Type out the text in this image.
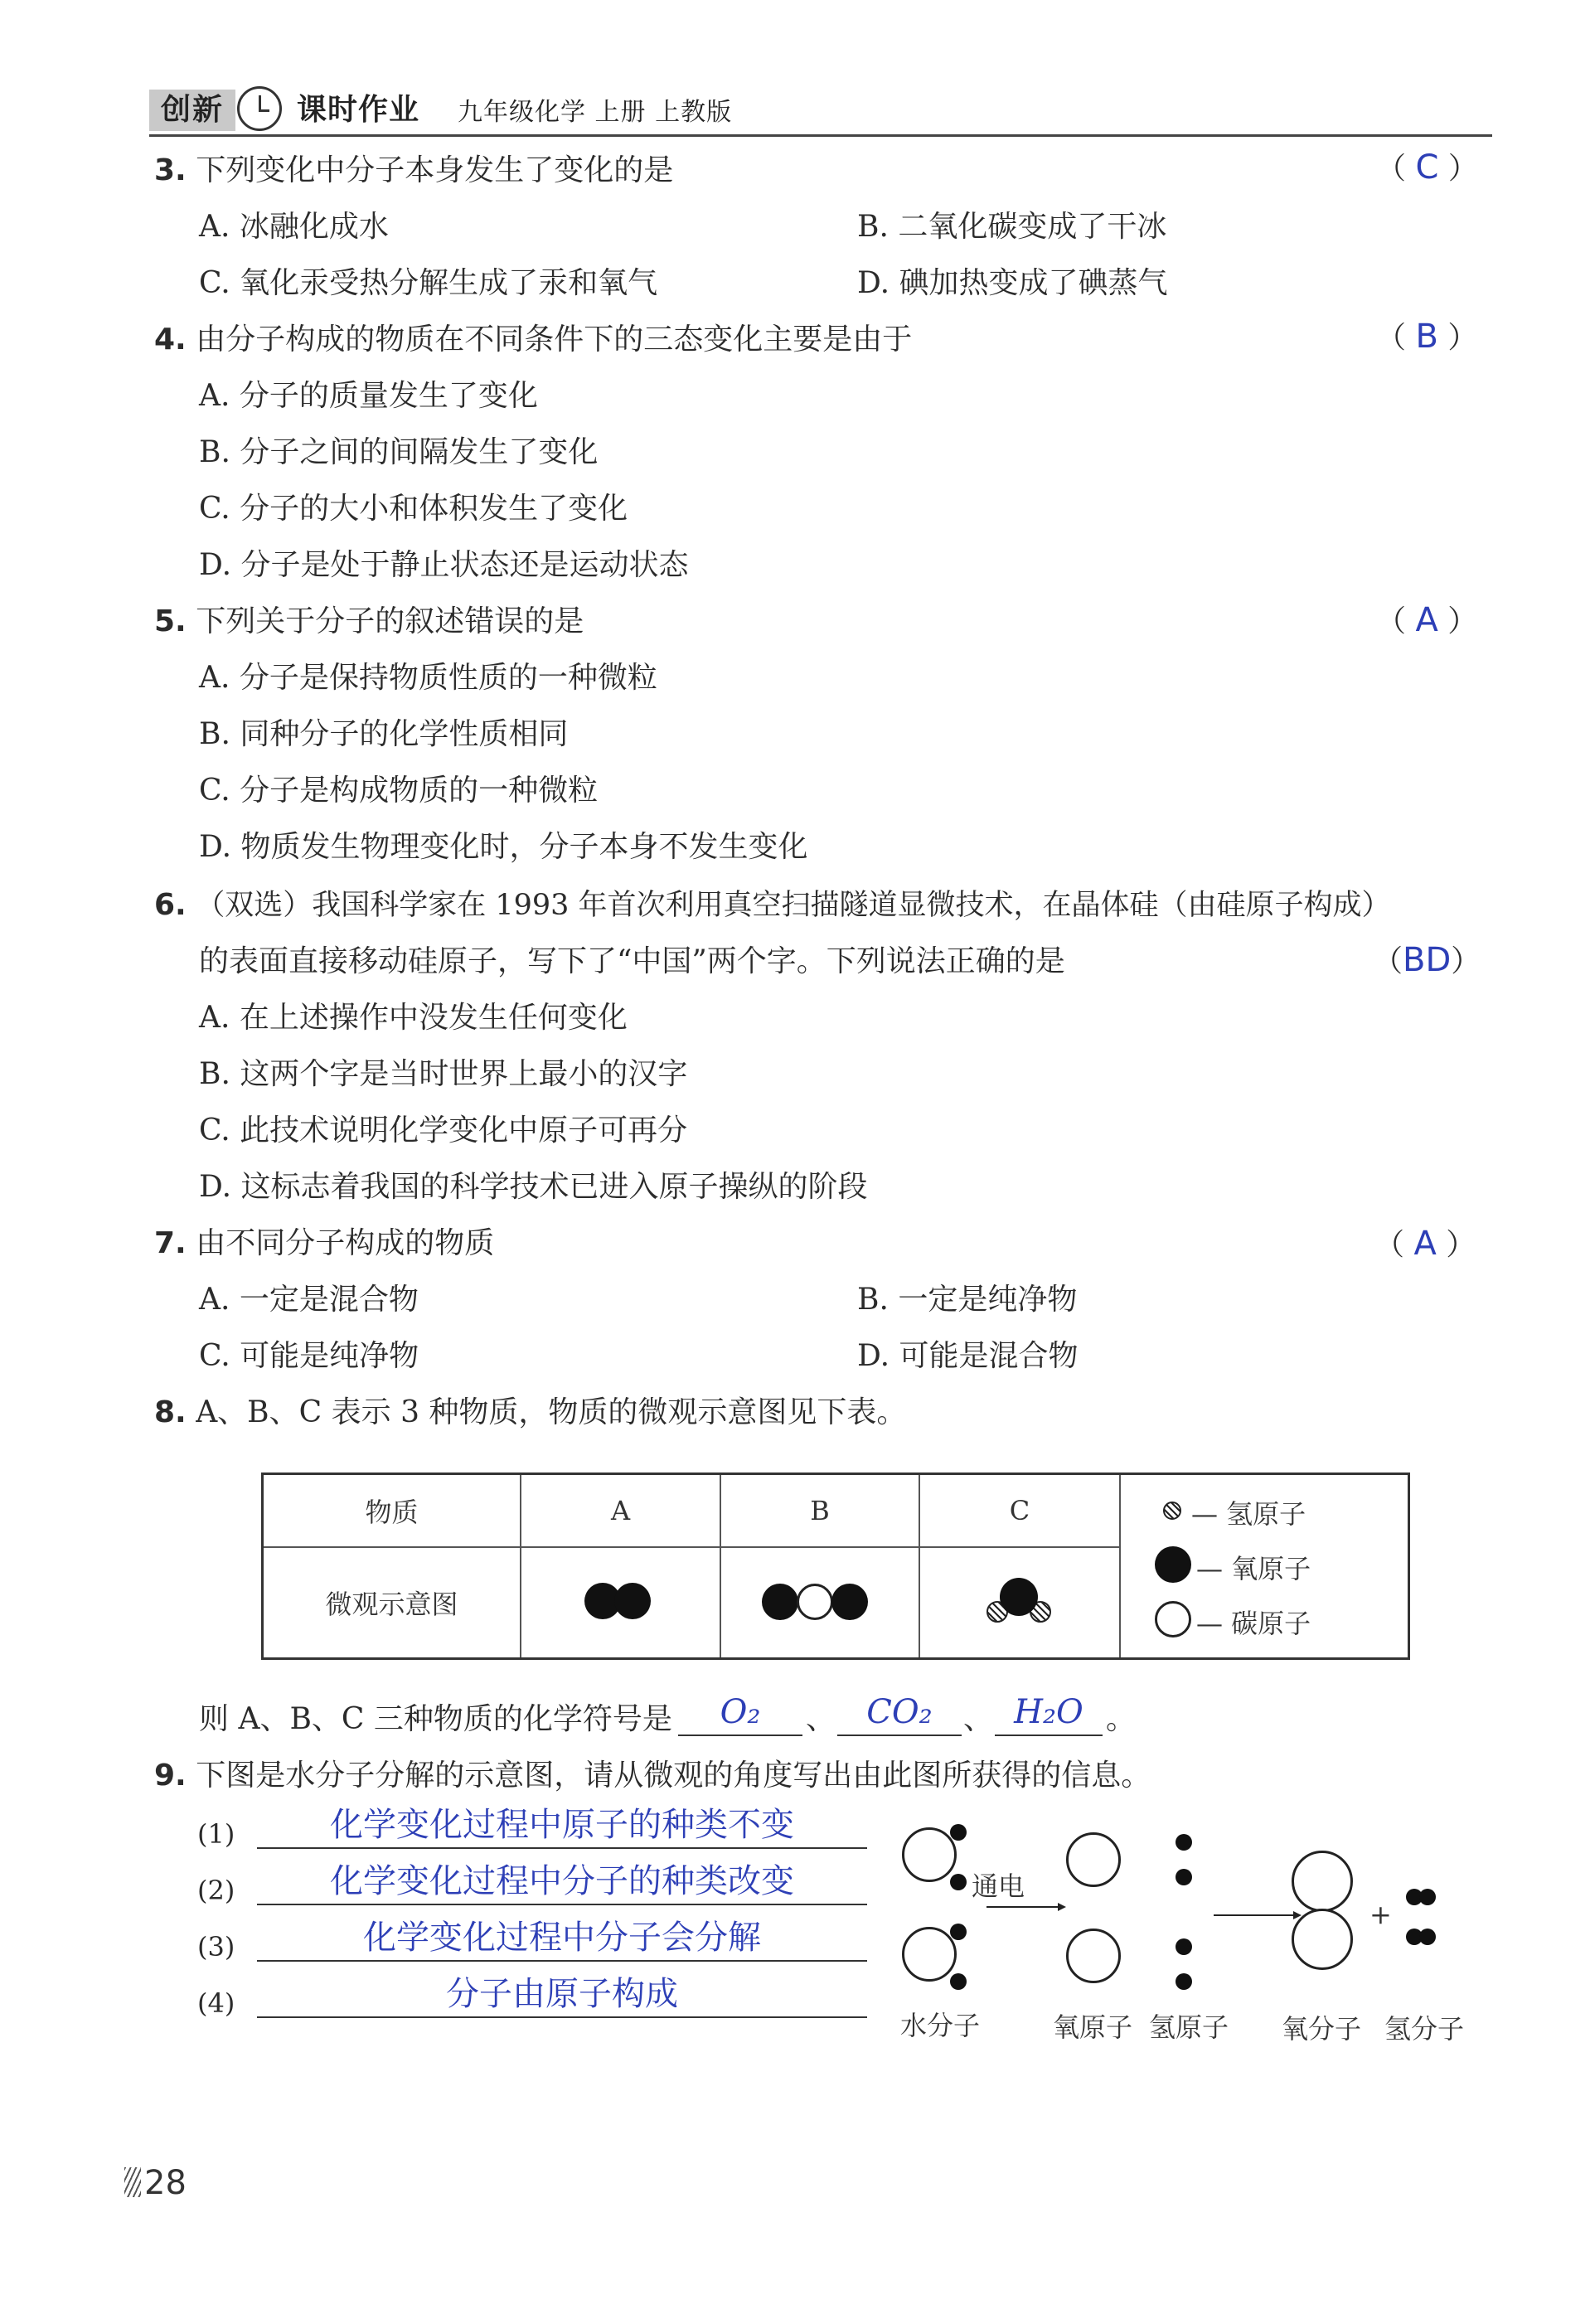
创新	课时作业 九年级化学 上册 上教版
3. 下列变化中分子本身发生了变化的是	（ C ）
A. 冰融化成水	B. 二氧化碳变成了干冰
C. 氧化汞受热分解生成了汞和氧气	D. 碘加热变成了碘蒸气
4. 由分子构成的物质在不同条件下的三态变化主要是由于	（ B ）
A. 分子的质量发生了变化
B. 分子之间的间隔发生了变化
C. 分子的大小和体积发生了变化
D. 分子是处于静止状态还是运动状态
5. 下列关于分子的叙述错误的是	（ A ）
A. 分子是保持物质性质的一种微粒
B. 同种分子的化学性质相同
C. 分子是构成物质的一种微粒
D. 物质发生物理变化时，分子本身不发生变化
6. （双选）我国科学家在 1993 年首次利用真空扫描隧道显微技术，在晶体硅（由硅原子构成）
的表面直接移动硅原子，写下了“中国”两个字。下列说法正确的是	（BD）
A. 在上述操作中没发生任何变化
B. 这两个字是当时世界上最小的汉字
C. 此技术说明化学变化中原子可再分
D. 这标志着我国的科学技术已进入原子操纵的阶段
7. 由不同分子构成的物质	（ A ）
A. 一定是混合物	B. 一定是纯净物
C. 可能是纯净物	D. 可能是混合物
8. A、B、C 表示 3 种物质，物质的微观示意图见下表。
物质	A	B	C
微观示意图
— 氢原子
— 氧原子
— 碳原子
则 A、B、C 三种物质的化学符号是	O₂	、 CO₂	、 H₂O 。
9. 下图是水分子分解的示意图，请从微观的角度写出由此图所获得的信息。
(1)	化学变化过程中原子的种类不变
(2)	化学变化过程中分子的种类改变
(3)	化学变化过程中分子会分解
(4)	分子由原子构成
通电
+
水分子	氧原子 氢原子 氧分子 氢分子
28
